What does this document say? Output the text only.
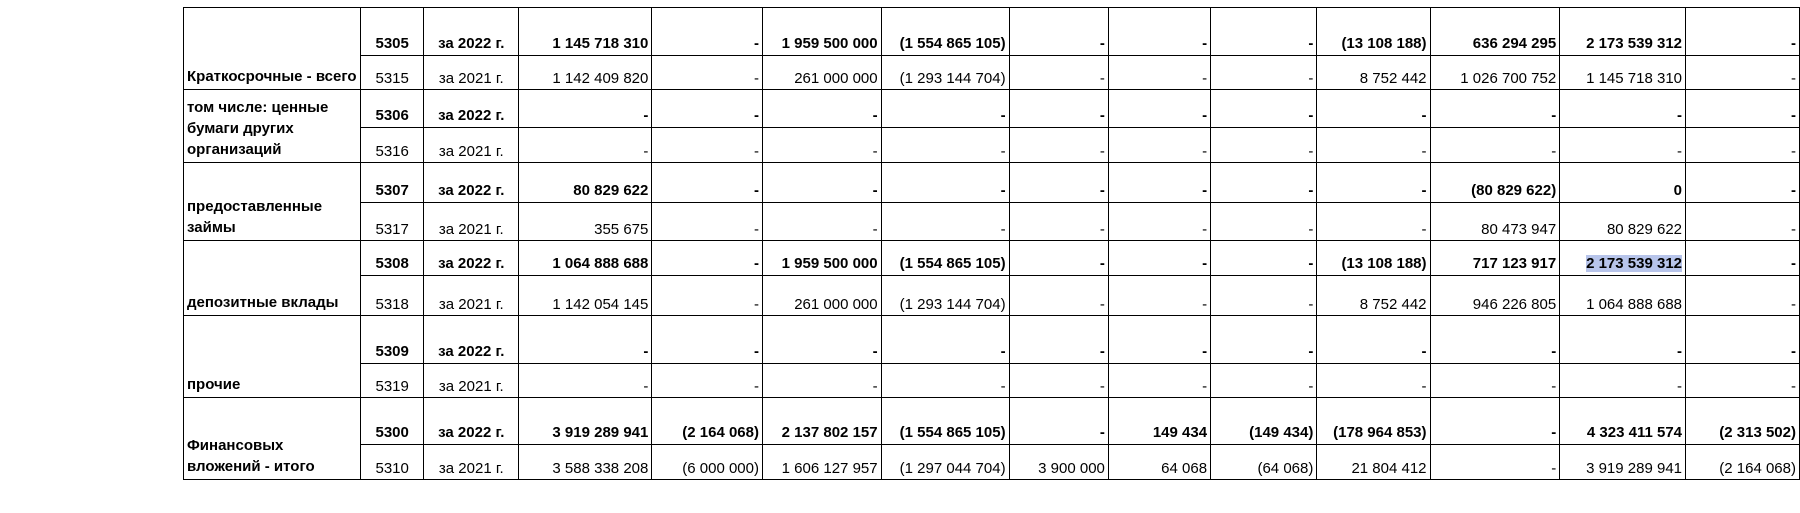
Краткосрочные - всего	5305	за 2022 г.	1 145 718 310	-	1 959 500 000	(1 554 865 105)	-	-	-	(13 108 188)	636 294 295	2 173 539 312	-
	5315	за 2021 г.	1 142 409 820	-	261 000 000	(1 293 144 704)	-	-	-	8 752 442	1 026 700 752	1 145 718 310	-
том числе: ценные бумаги других организаций	5306	за 2022 г.	-	-	-	-	-	-	-	-	-	-	-
	5316	за 2021 г.	-	-	-	-	-	-	-	-	-	-	-
предоставленные займы	5307	за 2022 г.	80 829 622	-	-	-	-	-	-	-	(80 829 622)	0	-
	5317	за 2021 г.	355 675	-	-	-	-	-	-	-	80 473 947	80 829 622	-
депозитные вклады	5308	за 2022 г.	1 064 888 688	-	1 959 500 000	(1 554 865 105)	-	-	-	(13 108 188)	717 123 917	2 173 539 312	-
	5318	за 2021 г.	1 142 054 145	-	261 000 000	(1 293 144 704)	-	-	-	8 752 442	946 226 805	1 064 888 688	-
прочие	5309	за 2022 г.	-	-	-	-	-	-	-	-	-	-	-
	5319	за 2021 г.	-	-	-	-	-	-	-	-	-	-	-
Финансовых вложений - итого	5300	за 2022 г.	3 919 289 941	(2 164 068)	2 137 802 157	(1 554 865 105)	-	149 434	(149 434)	(178 964 853)	-	4 323 411 574	(2 313 502)
	5310	за 2021 г.	3 588 338 208	(6 000 000)	1 606 127 957	(1 297 044 704)	3 900 000	64 068	(64 068)	21 804 412	-	3 919 289 941	(2 164 068)
